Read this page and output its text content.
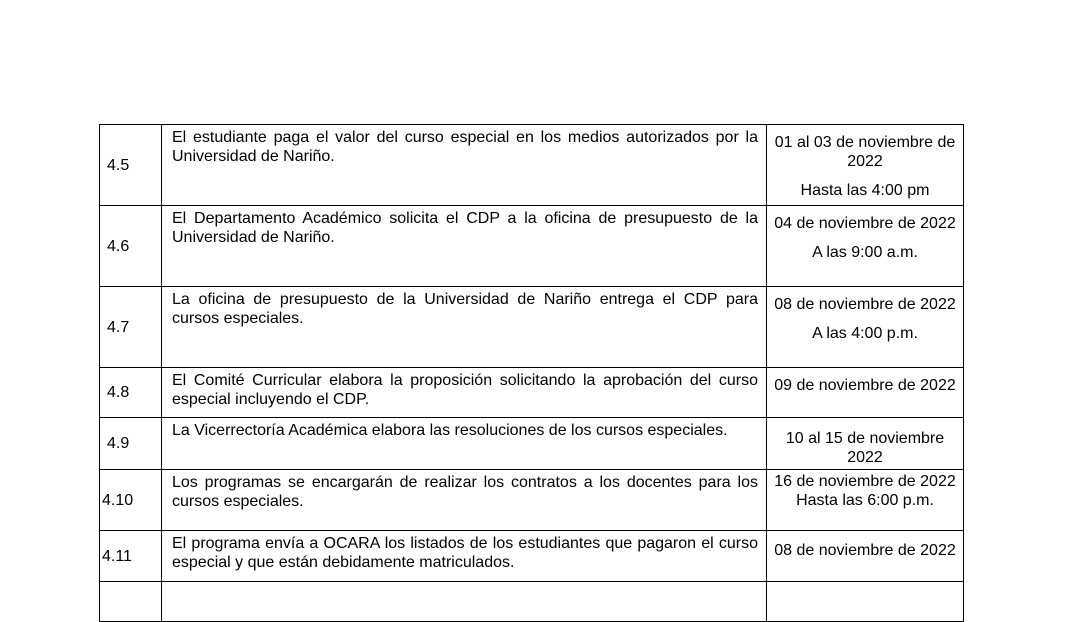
4.5	El estudiante paga el valor del curso especial en los medios autorizados por la Universidad de Nariño.	01 al 03 de noviembre de 2022
Hasta las 4:00 pm

4.6	El Departamento Académico solicita el CDP a la oficina de presupuesto de la Universidad de Nariño.	04 de noviembre de 2022
A las 9:00 a.m.

4.7	La oficina de presupuesto de la Universidad de Nariño entrega el CDP para cursos especiales.	08 de noviembre de 2022
A las 4:00 p.m.

4.8	El Comité Curricular elabora la proposición solicitando la aprobación del curso especial incluyendo el CDP.	09 de noviembre de 2022

4.9	La Vicerrectoría Académica elabora las resoluciones de los cursos especiales.	10 al 15 de noviembre 2022

4.10	Los programas se encargarán de realizar los contratos a los docentes para los cursos especiales.	16 de noviembre de 2022
Hasta las 6:00 p.m.

4.11	El programa envía a OCARA los listados de los estudiantes que pagaron el curso especial y que están debidamente matriculados.	08 de noviembre de 2022
